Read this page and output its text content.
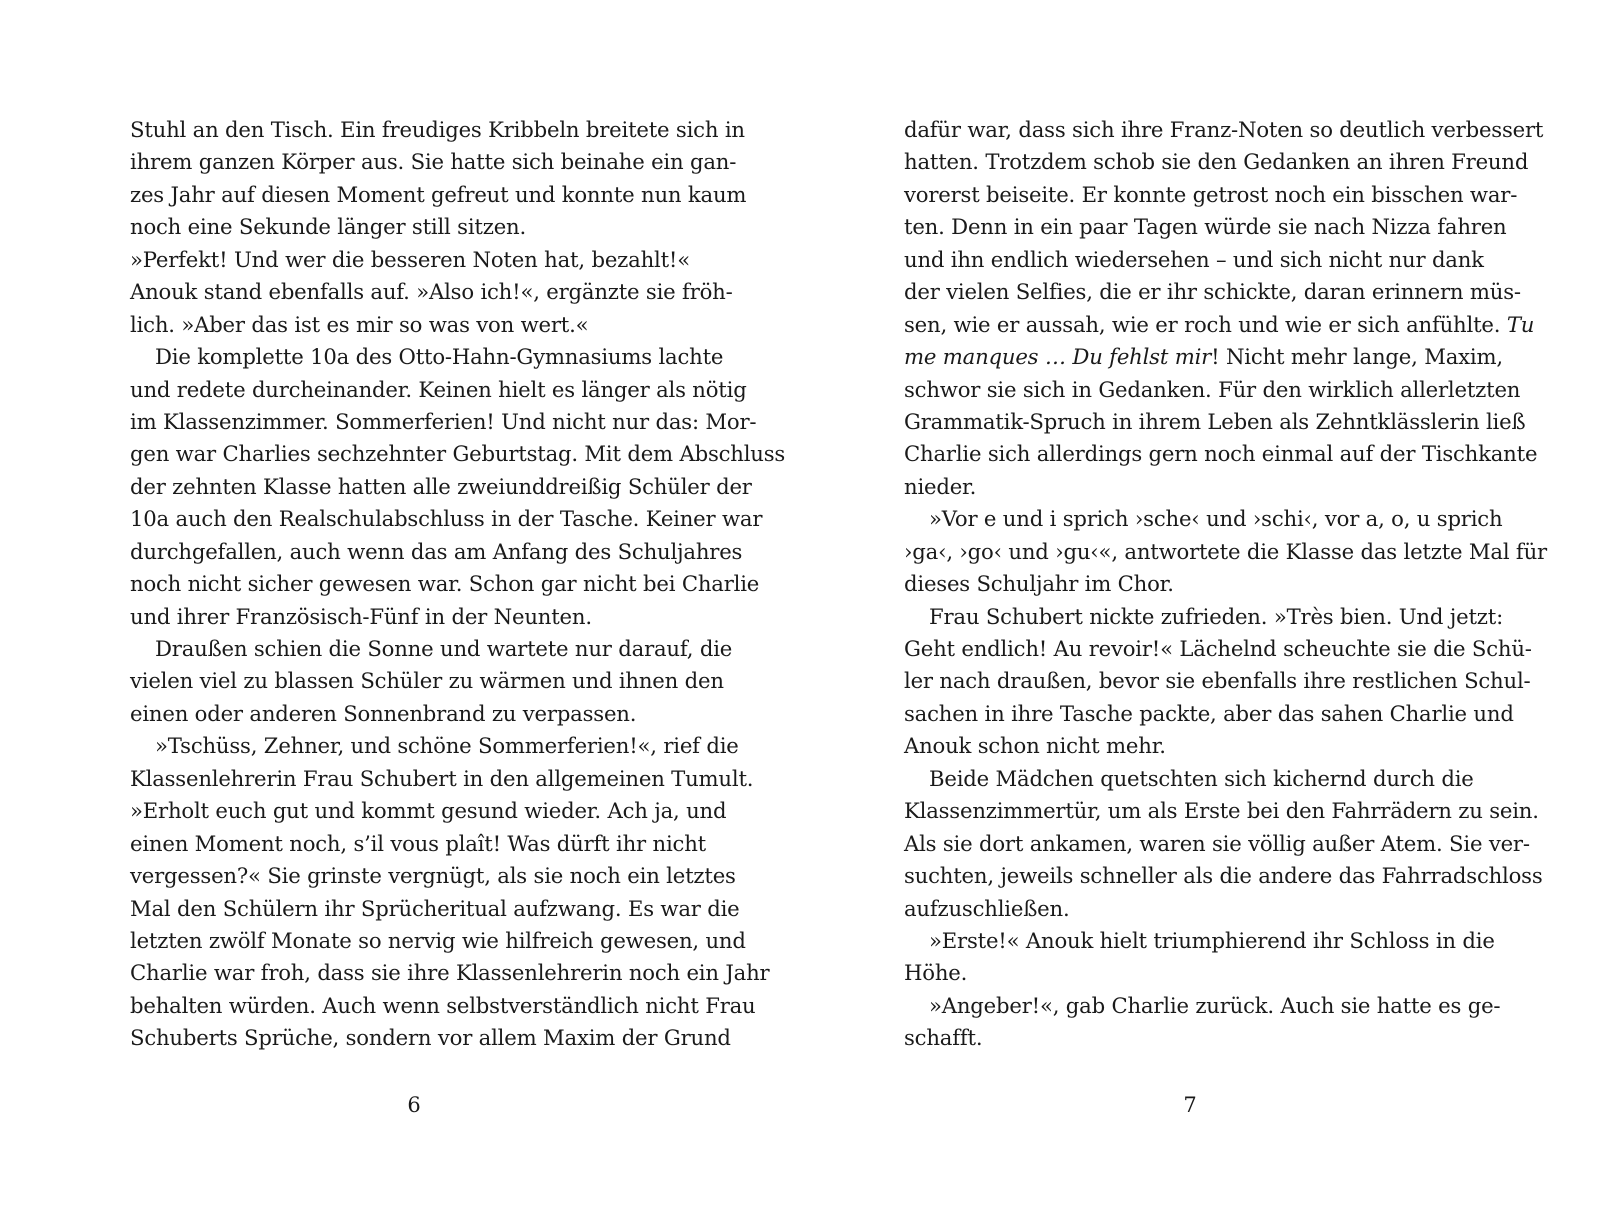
Stuhl an den Tisch. Ein freudiges Kribbeln breitete sich in
ihrem ganzen Körper aus. Sie hatte sich beinahe ein gan-
zes Jahr auf diesen Moment gefreut und konnte nun kaum
noch eine Sekunde länger still sitzen.
»Perfekt! Und wer die besseren Noten hat, bezahlt!«
Anouk stand ebenfalls auf. »Also ich!«, ergänzte sie fröh-
lich. »Aber das ist es mir so was von wert.«
Die komplette 10a des Otto-Hahn-Gymnasiums lachte
und redete durcheinander. Keinen hielt es länger als nötig
im Klassenzimmer. Sommerferien! Und nicht nur das: Mor-
gen war Charlies sechzehnter Geburtstag. Mit dem Abschluss
der zehnten Klasse hatten alle zweiunddreißig Schüler der
10a auch den Realschulabschluss in der Tasche. Keiner war
durchgefallen, auch wenn das am Anfang des Schuljahres
noch nicht sicher gewesen war. Schon gar nicht bei Charlie
und ihrer Französisch-Fünf in der Neunten.
Draußen schien die Sonne und wartete nur darauf, die
vielen viel zu blassen Schüler zu wärmen und ihnen den
einen oder anderen Sonnenbrand zu verpassen.
»Tschüss, Zehner, und schöne Sommerferien!«, rief die
Klassenlehrerin Frau Schubert in den allgemeinen Tumult.
»Erholt euch gut und kommt gesund wieder. Ach ja, und
einen Moment noch, s’il vous plaît! Was dürft ihr nicht
vergessen?« Sie grinste vergnügt, als sie noch ein letztes
Mal den Schülern ihr Sprücheritual aufzwang. Es war die
letzten zwölf Monate so nervig wie hilfreich gewesen, und
Charlie war froh, dass sie ihre Klassenlehrerin noch ein Jahr
behalten würden. Auch wenn selbstverständlich nicht Frau
Schuberts Sprüche, sondern vor allem Maxim der Grund
dafür war, dass sich ihre Franz-Noten so deutlich verbessert
hatten. Trotzdem schob sie den Gedanken an ihren Freund
vorerst beiseite. Er konnte getrost noch ein bisschen war-
ten. Denn in ein paar Tagen würde sie nach Nizza fahren
und ihn endlich wiedersehen – und sich nicht nur dank
der vielen Selfies, die er ihr schickte, daran erinnern müs-
sen, wie er aussah, wie er roch und wie er sich anfühlte. Tu
me manques … Du fehlst mir! Nicht mehr lange, Maxim,
schwor sie sich in Gedanken. Für den wirklich allerletzten
Grammatik-Spruch in ihrem Leben als Zehntklässlerin ließ
Charlie sich allerdings gern noch einmal auf der Tischkante
nieder.
»Vor e und i sprich ›sche‹ und ›schi‹, vor a, o, u sprich
›ga‹, ›go‹ und ›gu‹«, antwortete die Klasse das letzte Mal für
dieses Schuljahr im Chor.
Frau Schubert nickte zufrieden. »Très bien. Und jetzt:
Geht endlich! Au revoir!« Lächelnd scheuchte sie die Schü-
ler nach draußen, bevor sie ebenfalls ihre restlichen Schul-
sachen in ihre Tasche packte, aber das sahen Charlie und
Anouk schon nicht mehr.
Beide Mädchen quetschten sich kichernd durch die
Klassenzimmertür, um als Erste bei den Fahrrädern zu sein.
Als sie dort ankamen, waren sie völlig außer Atem. Sie ver-
suchten, jeweils schneller als die andere das Fahrradschloss
aufzuschließen.
»Erste!« Anouk hielt triumphierend ihr Schloss in die
Höhe.
»Angeber!«, gab Charlie zurück. Auch sie hatte es ge-
schafft.
6	7
